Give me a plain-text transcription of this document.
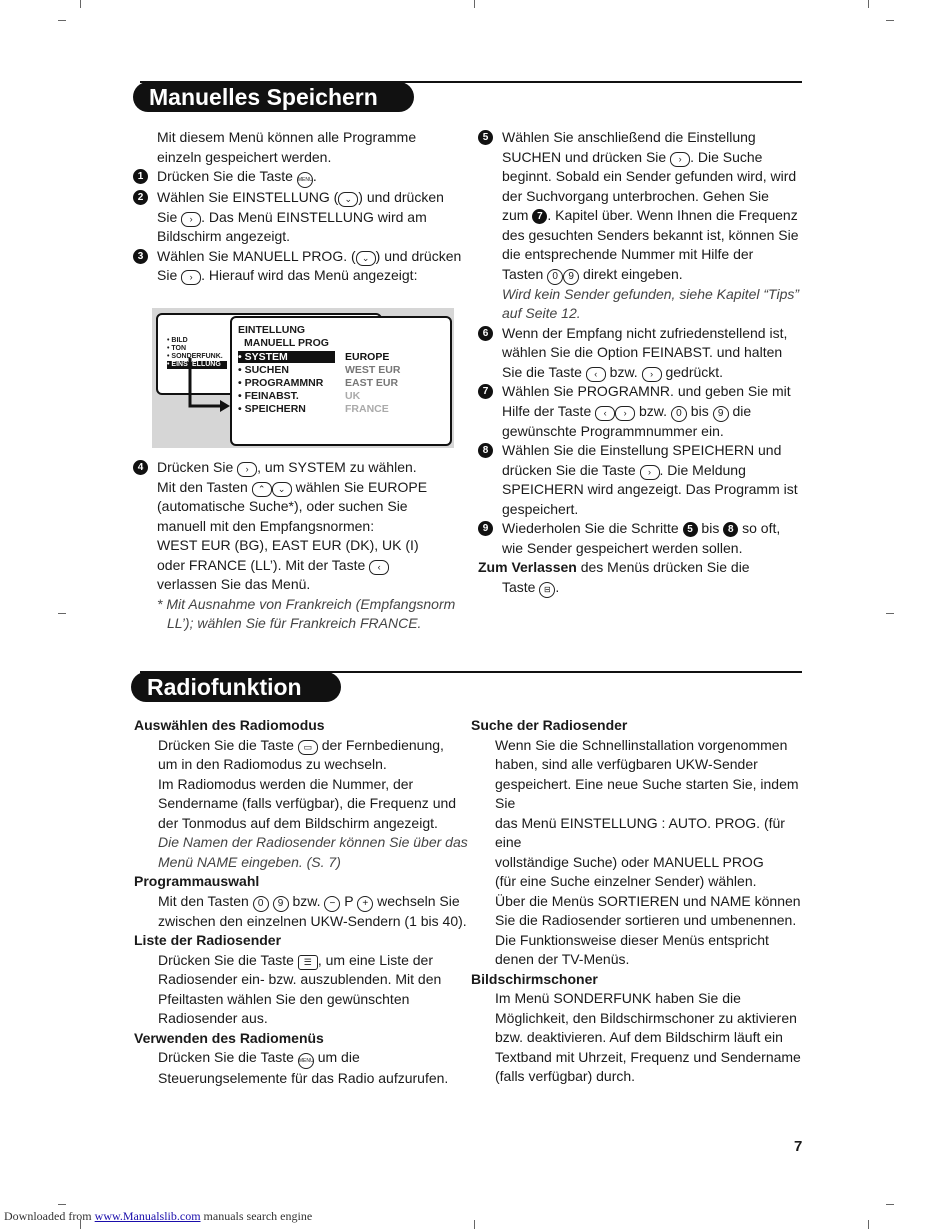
Manuelles Speichern
Mit diesem Menü können alle Programme einzeln gespeichert werden.
1 Drücken Sie die Taste MENU.
2 Wählen Sie EINSTELLUNG ( ⌄ ) und drücken Sie › . Das Menü EINSTELLUNG wird am Bildschirm angezeigt.
3 Wählen Sie MANUELL PROG. ( ⌄ ) und drücken
Sie › . Hierauf wird das Menü angezeigt:
• BILD
• TON
• SONDERFUNK.
• EINSTELLUNG
EINTELLUNG
MANUELL PROG
• SYSTEM
• SUCHEN
• PROGRAMMNR
• FEINABST.
• SPEICHERN
EUROPE
WEST EUR
EAST EUR
UK
FRANCE
4 Drücken Sie › , um SYSTEM zu wählen.
Mit den Tasten ⌃ ⌄ wählen Sie EUROPE
(automatische Suche*), oder suchen Sie
manuell mit den Empfangsnormen:
WEST EUR (BG), EAST EUR (DK), UK (I)
oder FRANCE (LL’). Mit der Taste ‹
verlassen Sie das Menü.
* Mit Ausnahme von Frankreich (Empfangsnorm
LL’); wählen Sie für Frankreich FRANCE.
5 Wählen Sie anschließend die Einstellung
SUCHEN und drücken Sie › . Die Suche
beginnt. Sobald ein Sender gefunden wird, wird
der Suchvorgang unterbrochen. Gehen Sie
zum 7 . Kapitel über. Wenn Ihnen die Frequenz
des gesuchten Senders bekannt ist, können Sie
die entsprechende Nummer mit Hilfe der
Tasten 0 9 direkt eingeben.
Wird kein Sender gefunden, siehe Kapitel “Tips”
auf Seite 12.
6 Wenn der Empfang nicht zufriedenstellend ist,
wählen Sie die Option FEINABST. und halten
Sie die Taste ‹ bzw. › gedrückt.
7 Wählen Sie PROGRAMNR. und geben Sie mit
Hilfe der Taste ‹ › bzw. 0 bis 9 die
gewünschte Programmnummer ein.
8 Wählen Sie die Einstellung SPEICHERN und
drücken Sie die Taste › . Die Meldung
SPEICHERN wird angezeigt. Das Programm ist
gespeichert.
9 Wiederholen Sie die Schritte 5 bis 8 so oft,
wie Sender gespeichert werden sollen.
Zum Verlassen des Menüs drücken Sie die
Taste ⊟ .
Radiofunktion
Auswählen des Radiomodus
Drücken Sie die Taste ▭ der Fernbedienung,
um in den Radiomodus zu wechseln.
Im Radiomodus werden die Nummer, der
Sendername (falls verfügbar), die Frequenz und
der Tonmodus auf dem Bildschirm angezeigt.
Die Namen der Radiosender können Sie über das
Menü NAME eingeben. (S. 7)
Programmauswahl
Mit den Tasten 0 9 bzw. − P + wechseln Sie
zwischen den einzelnen UKW-Sendern (1 bis 40).
Liste der Radiosender
Drücken Sie die Taste ☰ , um eine Liste der
Radiosender ein- bzw. auszublenden. Mit den
Pfeiltasten wählen Sie den gewünschten
Radiosender aus.
Verwenden des Radiomenüs
Drücken Sie die Taste MENU um die
Steuerungselemente für das Radio aufzurufen.
Suche der Radiosender
Wenn Sie die Schnellinstallation vorgenommen
haben, sind alle verfügbaren UKW-Sender
gespeichert. Eine neue Suche starten Sie, indem Sie
das Menü EINSTELLUNG : AUTO. PROG. (für eine
vollständige Suche) oder MANUELL PROG
(für eine Suche einzelner Sender) wählen.
Über die Menüs SORTIEREN und NAME können
Sie die Radiosender sortieren und umbenennen.
Die Funktionsweise dieser Menüs entspricht
denen der TV-Menüs.
Bildschirmschoner
Im Menü SONDERFUNK haben Sie die
Möglichkeit, den Bildschirmschoner zu aktivieren
bzw. deaktivieren. Auf dem Bildschirm läuft ein
Textband mit Uhrzeit, Frequenz und Sendername
(falls verfügbar) durch.
7
Downloaded from www.Manualslib.com manuals search engine
